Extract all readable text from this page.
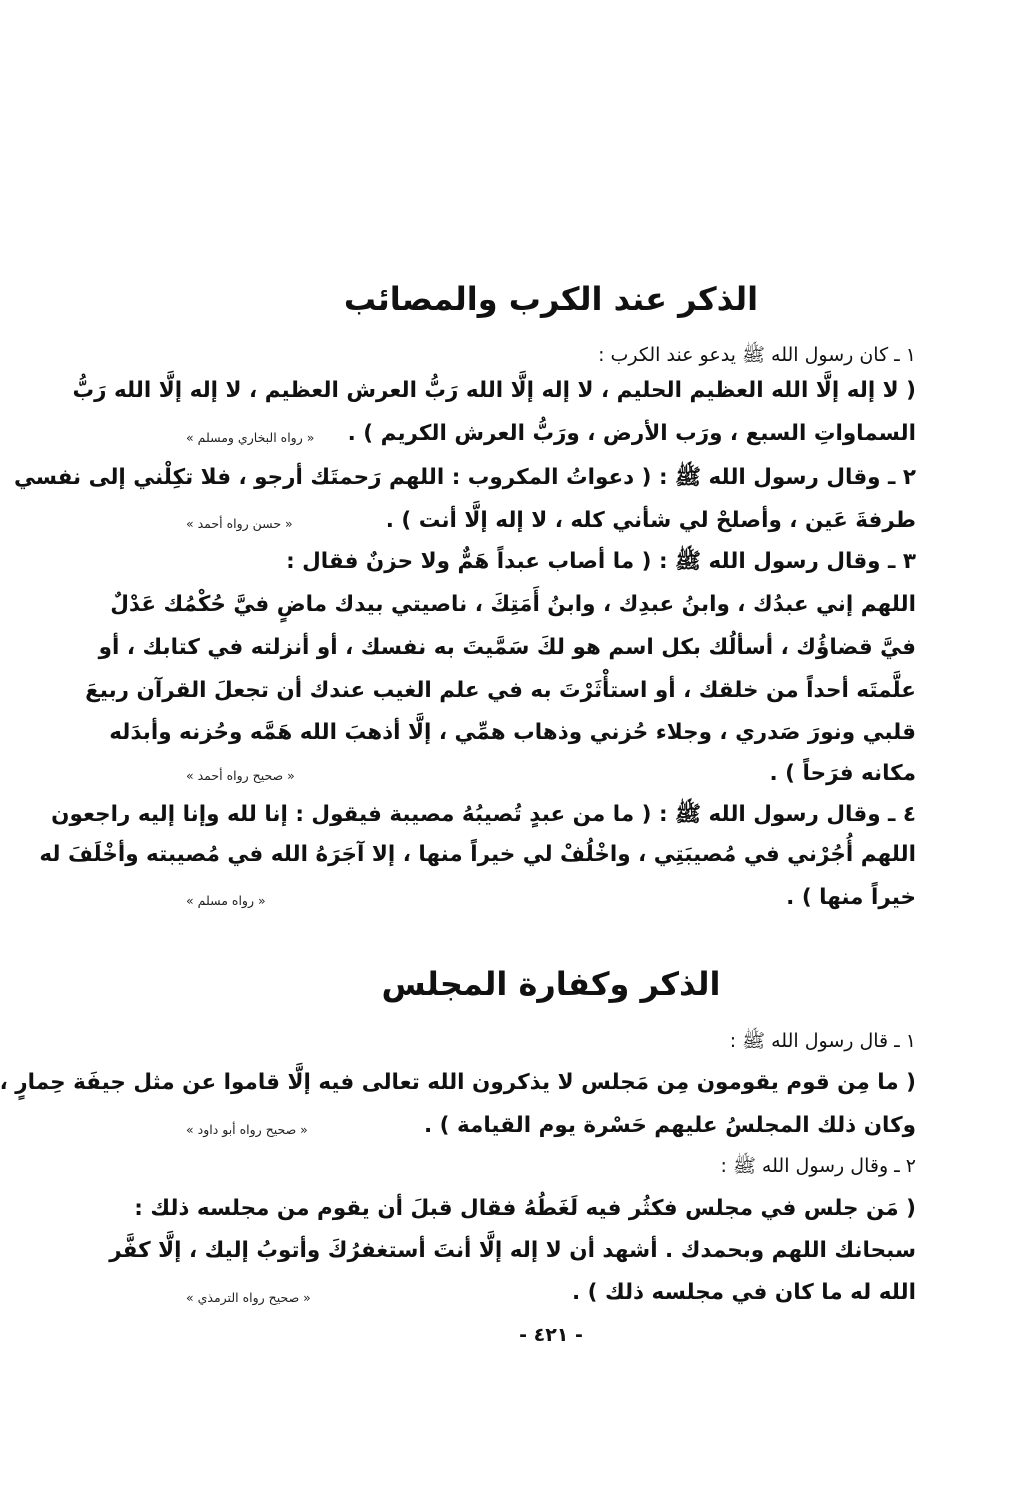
الذكر عند الكرب والمصائب
١ ـ كان رسول الله ﷺ يدعو عند الكرب :
( لا إله إلَّا الله العظيم الحليم ، لا إله إلَّا الله رَبُّ العرش العظيم ، لا إله إلَّا الله رَبُّ
السماواتِ السبع ، ورَب الأرض ، ورَبُّ العرش الكريم ) .
« رواه البخاري ومسلم »
٢ ـ وقال رسول الله ﷺ : ( دعواتُ المكروب : اللهم رَحمتَك أرجو ، فلا تكِلْني إلى نفسي
طرفةَ عَين ، وأصلحْ لي شأني كله ، لا إله إلَّا أنت ) .
« حسن رواه أحمد »
٣ ـ وقال رسول الله ﷺ : ( ما أصاب عبداً هَمٌّ ولا حزنٌ فقال :
اللهم إني عبدُك ، وابنُ عبدِك ، وابنُ أَمَتِكَ ، ناصيتي بيدك ماضٍ فيَّ حُكْمُك عَدْلٌ
فيَّ قضاؤُك ، أسألُك بكل اسم هو لكَ سَمَّيتَ به نفسك ، أو أنزلته في كتابك ، أو
علَّمتَه أحداً من خلقك ، أو استأْثَرْتَ به في علم الغيب عندك أن تجعلَ القرآن ربيعَ
قلبي ونورَ صَدري ، وجلاء حُزني وذهاب همِّي ، إلَّا أذهبَ الله هَمَّه وحُزنه وأبدَله
مكانه فرَحاً ) .
« صحيح رواه أحمد »
٤ ـ وقال رسول الله ﷺ : ( ما من عبدٍ تُصيبُهُ مصيبة فيقول : إنا لله وإنا إليه راجعون
اللهم أُجُرْني في مُصيبَتِي ، واخْلُفْ لي خيراً منها ، إلا آجَرَهُ الله في مُصيبته وأخْلَفَ له
خيراً منها ) .
« رواه مسلم »
الذكر وكفارة المجلس
١ ـ قال رسول الله ﷺ :
( ما مِن قوم يقومون مِن مَجلس لا يذكرون الله تعالى فيه إلَّا قاموا عن مثل جيفَة حِمارٍ ،
وكان ذلك المجلسُ عليهم حَسْرة يوم القيامة ) .
« صحيح رواه أبو داود »
٢ ـ وقال رسول الله ﷺ :
( مَن جلس في مجلس فكثُر فيه لَغَطُهُ فقال قبلَ أن يقوم من مجلسه ذلك :
سبحانك اللهم وبحمدك . أشهد أن لا إله إلَّا أنتَ أستغفرُكَ وأتوبُ إليك ، إلَّا كفَّر
الله له ما كان في مجلسه ذلك ) .
« صحيح رواه الترمذي »
- ٤٢١ -
